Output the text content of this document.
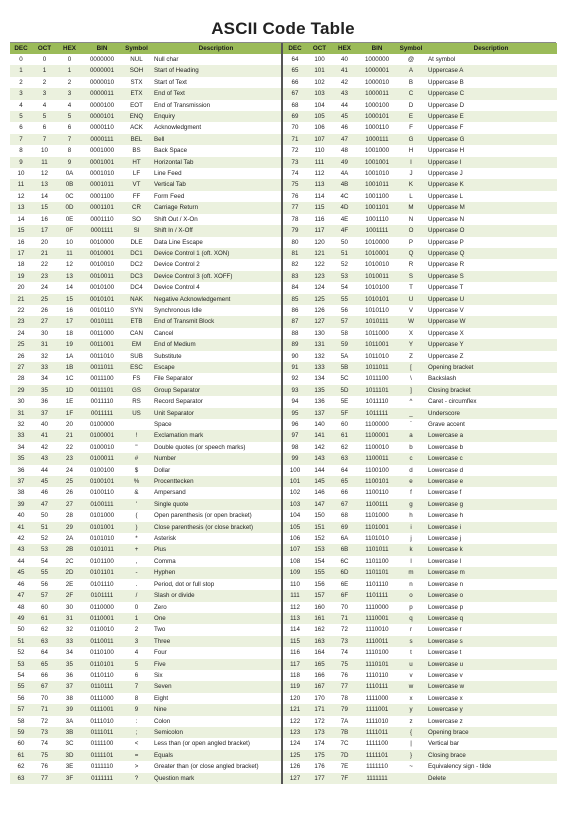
ASCII Code Table
DEC	OCT	HEX	BIN	Symbol	Description
0	0	0	0000000	NUL	Null char
1	1	1	0000001	SOH	Start of Heading
2	2	2	0000010	STX	Start of Text
3	3	3	0000011	ETX	End of Text
4	4	4	0000100	EOT	End of Transmission
5	5	5	0000101	ENQ	Enquiry
6	6	6	0000110	ACK	Acknowledgment
7	7	7	0000111	BEL	Bell
8	10	8	0001000	BS	Back Space
9	11	9	0001001	HT	Horizontal Tab
10	12	0A	0001010	LF	Line Feed
11	13	0B	0001011	VT	Vertical Tab
12	14	0C	0001100	FF	Form Feed
13	15	0D	0001101	CR	Carriage Return
14	16	0E	0001110	SO	Shift Out / X-On
15	17	0F	0001111	SI	Shift In / X-Off
16	20	10	0010000	DLE	Data Line Escape
17	21	11	0010001	DC1	Device Control 1 (oft. XON)
18	22	12	0010010	DC2	Device Control 2
19	23	13	0010011	DC3	Device Control 3 (oft. XOFF)
20	24	14	0010100	DC4	Device Control 4
21	25	15	0010101	NAK	Negative Acknowledgement
22	26	16	0010110	SYN	Synchronous Idle
23	27	17	0010111	ETB	End of Transmit Block
24	30	18	0011000	CAN	Cancel
25	31	19	0011001	EM	End of Medium
26	32	1A	0011010	SUB	Substitute
27	33	1B	0011011	ESC	Escape
28	34	1C	0011100	FS	File Separator
29	35	1D	0011101	GS	Group Separator
30	36	1E	0011110	RS	Record Separator
31	37	1F	0011111	US	Unit Separator
32	40	20	0100000		Space
33	41	21	0100001	!	Exclamation mark
34	42	22	0100010	"	Double quotes (or speech marks)
35	43	23	0100011	#	Number
36	44	24	0100100	$	Dollar
37	45	25	0100101	%	Procenttecken
38	46	26	0100110	&	Ampersand
39	47	27	0100111	'	Single quote
40	50	28	0101000	(	Open parenthesis (or open bracket)
41	51	29	0101001	)	Close parenthesis (or close bracket)
42	52	2A	0101010	*	Asterisk
43	53	2B	0101011	+	Plus
44	54	2C	0101100	,	Comma
45	55	2D	0101101	-	Hyphen
46	56	2E	0101110	.	Period, dot or full stop
47	57	2F	0101111	/	Slash or divide
48	60	30	0110000	0	Zero
49	61	31	0110001	1	One
50	62	32	0110010	2	Two
51	63	33	0110011	3	Three
52	64	34	0110100	4	Four
53	65	35	0110101	5	Five
54	66	36	0110110	6	Six
55	67	37	0110111	7	Seven
56	70	38	0111000	8	Eight
57	71	39	0111001	9	Nine
58	72	3A	0111010	:	Colon
59	73	3B	0111011	;	Semicolon
60	74	3C	0111100	<	Less than (or open angled bracket)
61	75	3D	0111101	=	Equals
62	76	3E	0111110	>	Greater than (or close angled bracket)
63	77	3F	0111111	?	Question mark
DEC	OCT	HEX	BIN	Symbol	Description
64	100	40	1000000	@	At symbol
65	101	41	1000001	A	Uppercase A
66	102	42	1000010	B	Uppercase B
67	103	43	1000011	C	Uppercase C
68	104	44	1000100	D	Uppercase D
69	105	45	1000101	E	Uppercase E
70	106	46	1000110	F	Uppercase F
71	107	47	1000111	G	Uppercase G
72	110	48	1001000	H	Uppercase H
73	111	49	1001001	I	Uppercase I
74	112	4A	1001010	J	Uppercase J
75	113	4B	1001011	K	Uppercase K
76	114	4C	1001100	L	Uppercase L
77	115	4D	1001101	M	Uppercase M
78	116	4E	1001110	N	Uppercase N
79	117	4F	1001111	O	Uppercase O
80	120	50	1010000	P	Uppercase P
81	121	51	1010001	Q	Uppercase Q
82	122	52	1010010	R	Uppercase R
83	123	53	1010011	S	Uppercase S
84	124	54	1010100	T	Uppercase T
85	125	55	1010101	U	Uppercase U
86	126	56	1010110	V	Uppercase V
87	127	57	1010111	W	Uppercase W
88	130	58	1011000	X	Uppercase X
89	131	59	1011001	Y	Uppercase Y
90	132	5A	1011010	Z	Uppercase Z
91	133	5B	1011011	[	Opening bracket
92	134	5C	1011100	\	Backslash
93	135	5D	1011101	]	Closing bracket
94	136	5E	1011110	^	Caret - circumflex
95	137	5F	1011111	_	Underscore
96	140	60	1100000	`	Grave accent
97	141	61	1100001	a	Lowercase a
98	142	62	1100010	b	Lowercase b
99	143	63	1100011	c	Lowercase c
100	144	64	1100100	d	Lowercase d
101	145	65	1100101	e	Lowercase e
102	146	66	1100110	f	Lowercase f
103	147	67	1100111	g	Lowercase g
104	150	68	1101000	h	Lowercase h
105	151	69	1101001	i	Lowercase i
106	152	6A	1101010	j	Lowercase j
107	153	6B	1101011	k	Lowercase k
108	154	6C	1101100	l	Lowercase l
109	155	6D	1101101	m	Lowercase m
110	156	6E	1101110	n	Lowercase n
111	157	6F	1101111	o	Lowercase o
112	160	70	1110000	p	Lowercase p
113	161	71	1110001	q	Lowercase q
114	162	72	1110010	r	Lowercase r
115	163	73	1110011	s	Lowercase s
116	164	74	1110100	t	Lowercase t
117	165	75	1110101	u	Lowercase u
118	166	76	1110110	v	Lowercase v
119	167	77	1110111	w	Lowercase w
120	170	78	1111000	x	Lowercase x
121	171	79	1111001	y	Lowercase y
122	172	7A	1111010	z	Lowercase z
123	173	7B	1111011	{	Opening brace
124	174	7C	1111100	|	Vertical bar
125	175	7D	1111101	}	Closing brace
126	176	7E	1111110	~	Equivalency sign - tilde
127	177	7F	1111111		Delete
